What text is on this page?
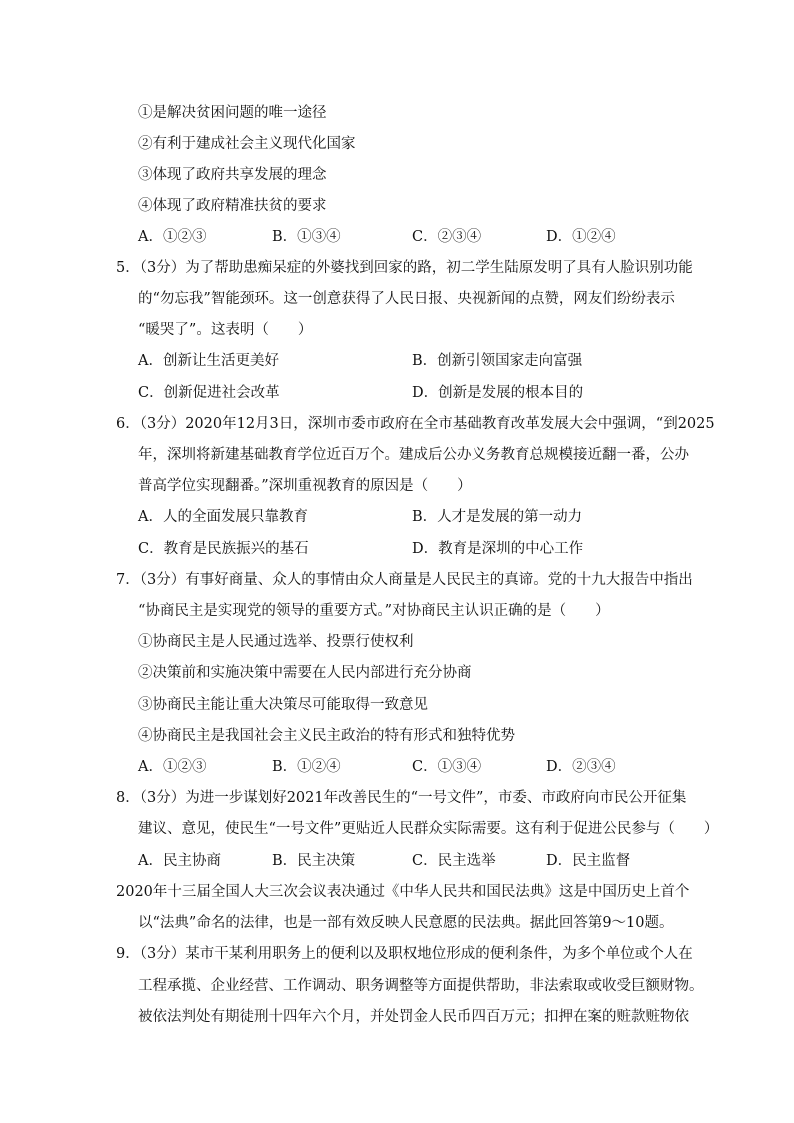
①是解决贫困问题的唯一途径
②有利于建成社会主义现代化国家
③体现了政府共享发展的理念
④体现了政府精准扶贫的要求
A．①②③	B．①③④	C．②③④	D．①②④
5．（3分）为了帮助患痴呆症的外婆找到回家的路，初二学生陆原发明了具有人脸识别功能
的“勿忘我”智能颈环。这一创意获得了人民日报、央视新闻的点赞，网友们纷纷表示
“暖哭了”。这表明（　　）
A．创新让生活更美好	B．创新引领国家走向富强
C．创新促进社会改革	D．创新是发展的根本目的
6．（3分）2020年12月3日，深圳市委市政府在全市基础教育改革发展大会中强调，“到2025
年，深圳将新建基础教育学位近百万个。建成后公办义务教育总规模接近翻一番，公办
普高学位实现翻番。”深圳重视教育的原因是（　　）
A．人的全面发展只靠教育	B．人才是发展的第一动力
C．教育是民族振兴的基石	D．教育是深圳的中心工作
7．（3分）有事好商量、众人的事情由众人商量是人民民主的真谛。党的十九大报告中指出
“协商民主是实现党的领导的重要方式。”对协商民主认识正确的是（　　）
①协商民主是人民通过选举、投票行使权利
②决策前和实施决策中需要在人民内部进行充分协商
③协商民主能让重大决策尽可能取得一致意见
④协商民主是我国社会主义民主政治的特有形式和独特优势
A．①②③	B．①②④	C．①③④	D．②③④
8．（3分）为进一步谋划好2021年改善民生的“一号文件”，市委、市政府向市民公开征集
建议、意见，使民生“一号文件”更贴近人民群众实际需要。这有利于促进公民参与（　　）
A．民主协商	B．民主决策	C．民主选举	D．民主监督
2020年十三届全国人大三次会议表决通过《中华人民共和国民法典》这是中国历史上首个
以“法典”命名的法律，也是一部有效反映人民意愿的民法典。据此回答第9～10题。
9．（3分）某市干某利用职务上的便利以及职权地位形成的便利条件，为多个单位或个人在
工程承揽、企业经营、工作调动、职务调整等方面提供帮助，非法索取或收受巨额财物。
被依法判处有期徒刑十四年六个月，并处罚金人民币四百万元；扣押在案的赃款赃物依
